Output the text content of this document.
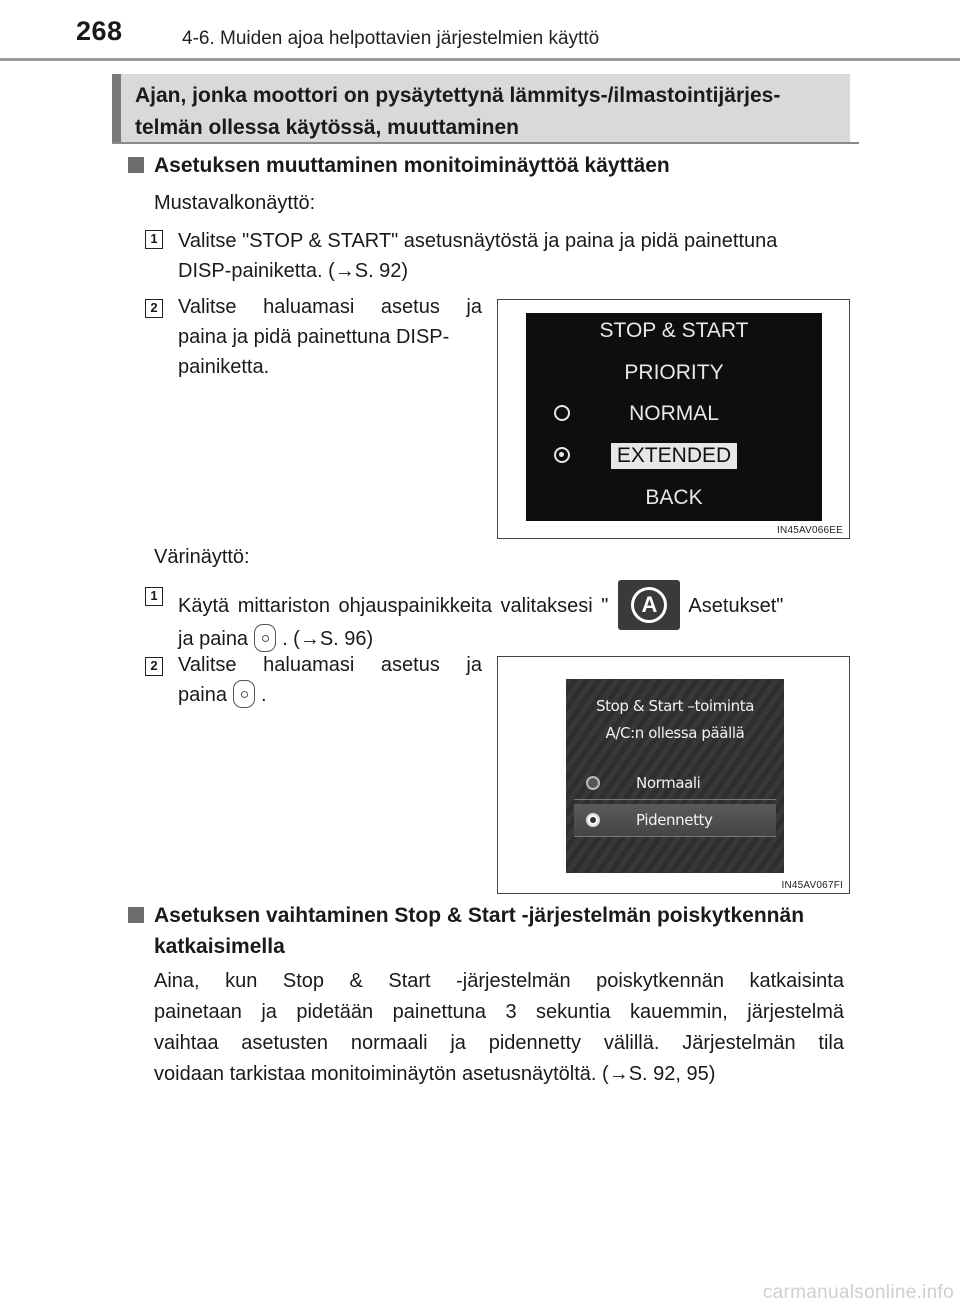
268	4-6. Muiden ajoa helpottavien järjestelmien käyttö
Ajan, jonka moottori on pysäytettynä lämmitys-/ilmastointijärjes-
telmän ollessa käytössä, muuttaminen
Asetuksen muuttaminen monitoiminäyttöä käyttäen
Mustavalkonäyttö:
1 Valitse "STOP & START" asetusnäytöstä ja paina ja pidä painettuna
DISP-painiketta. (→S. 92)
2 Valitse haluamasi asetus ja
paina ja pidä painettuna DISP-
painiketta.
STOP & START
PRIORITY
NORMAL
EXTENDED
BACK
IN45AV066EE
Värinäyttö:
1 Käytä mittariston ohjauspainikkeita valitaksesi "	A	Asetukset"
ja paina . (→S. 96)
2 Valitse haluamasi asetus ja
paina .	Stop & Start –toiminta
A/C:n ollessa päällä
Normaali
Pidennetty
IN45AV067FI
Asetuksen vaihtaminen Stop & Start -järjestelmän poiskytkennän
katkaisimella
Aina, kun Stop & Start -järjestelmän poiskytkennän katkaisinta
painetaan ja pidetään painettuna 3 sekuntia kauemmin, järjestelmä
vaihtaa asetusten normaali ja pidennetty välillä. Järjestelmän tila
voidaan tarkistaa monitoiminäytön asetusnäytöltä. (→S. 92, 95)
carmanualsonline.info
